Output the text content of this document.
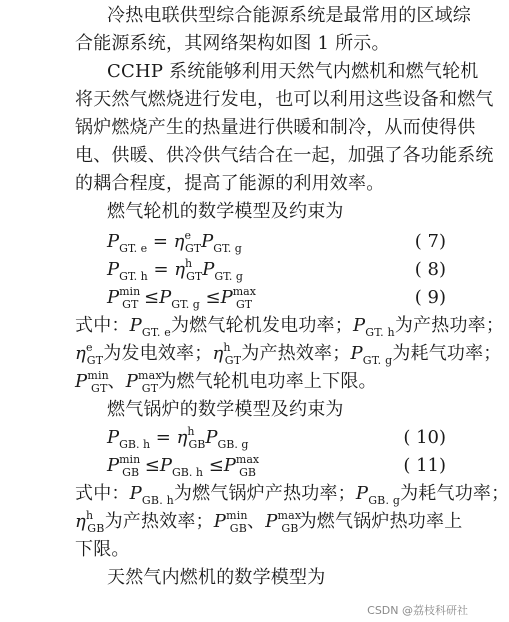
冷热电联供型综合能源系统是最常用的区域综
合能源系统，其网络架构如图 1 所示。
CCHP 系统能够利用天然气内燃机和燃气轮机
将天然气燃烧进行发电，也可以利用这些设备和燃气
锅炉燃烧产生的热量进行供暖和制冷，从而使得供
电、供暖、供冷供气结合在一起，加强了各功能系统
的耦合程度，提高了能源的利用效率。
燃气轮机的数学模型及约束为
$P_{GT. e} = \eta^e_{GT}P_{GT. g}$	( 7)
$P_{GT. h} = \eta^h_{GT}P_{GT. g}$	( 8)
$P^{min}_{GT} \le P_{GT. g} \le P^{max}_{GT}$	( 9)
式中：$P_{GT. e}$为燃气轮机发电功率；$P_{GT. h}$为产热功率；
$\eta^e_{GT}$为发电效率；$\eta^h_{GT}$为产热效率；$P_{GT. g}$为耗气功率；
$P^{min}_{GT}$、$P^{max}_{GT}$为燃气轮机电功率上下限。
燃气锅炉的数学模型及约束为
$P_{GB. h} = \eta^h_{GB}P_{GB. g}$	( 10)
$P^{min}_{GB} \le P_{GB. h} \le P^{max}_{GB}$	( 11)
式中：$P_{GB. h}$为燃气锅炉产热功率；$P_{GB. g}$为耗气功率；
$\eta^h_{GB}$为产热效率；$P^{min}_{GB}$、$P^{max}_{GB}$为燃气锅炉热功率上
下限。
天然气内燃机的数学模型为
CSDN @荔枝科研社
